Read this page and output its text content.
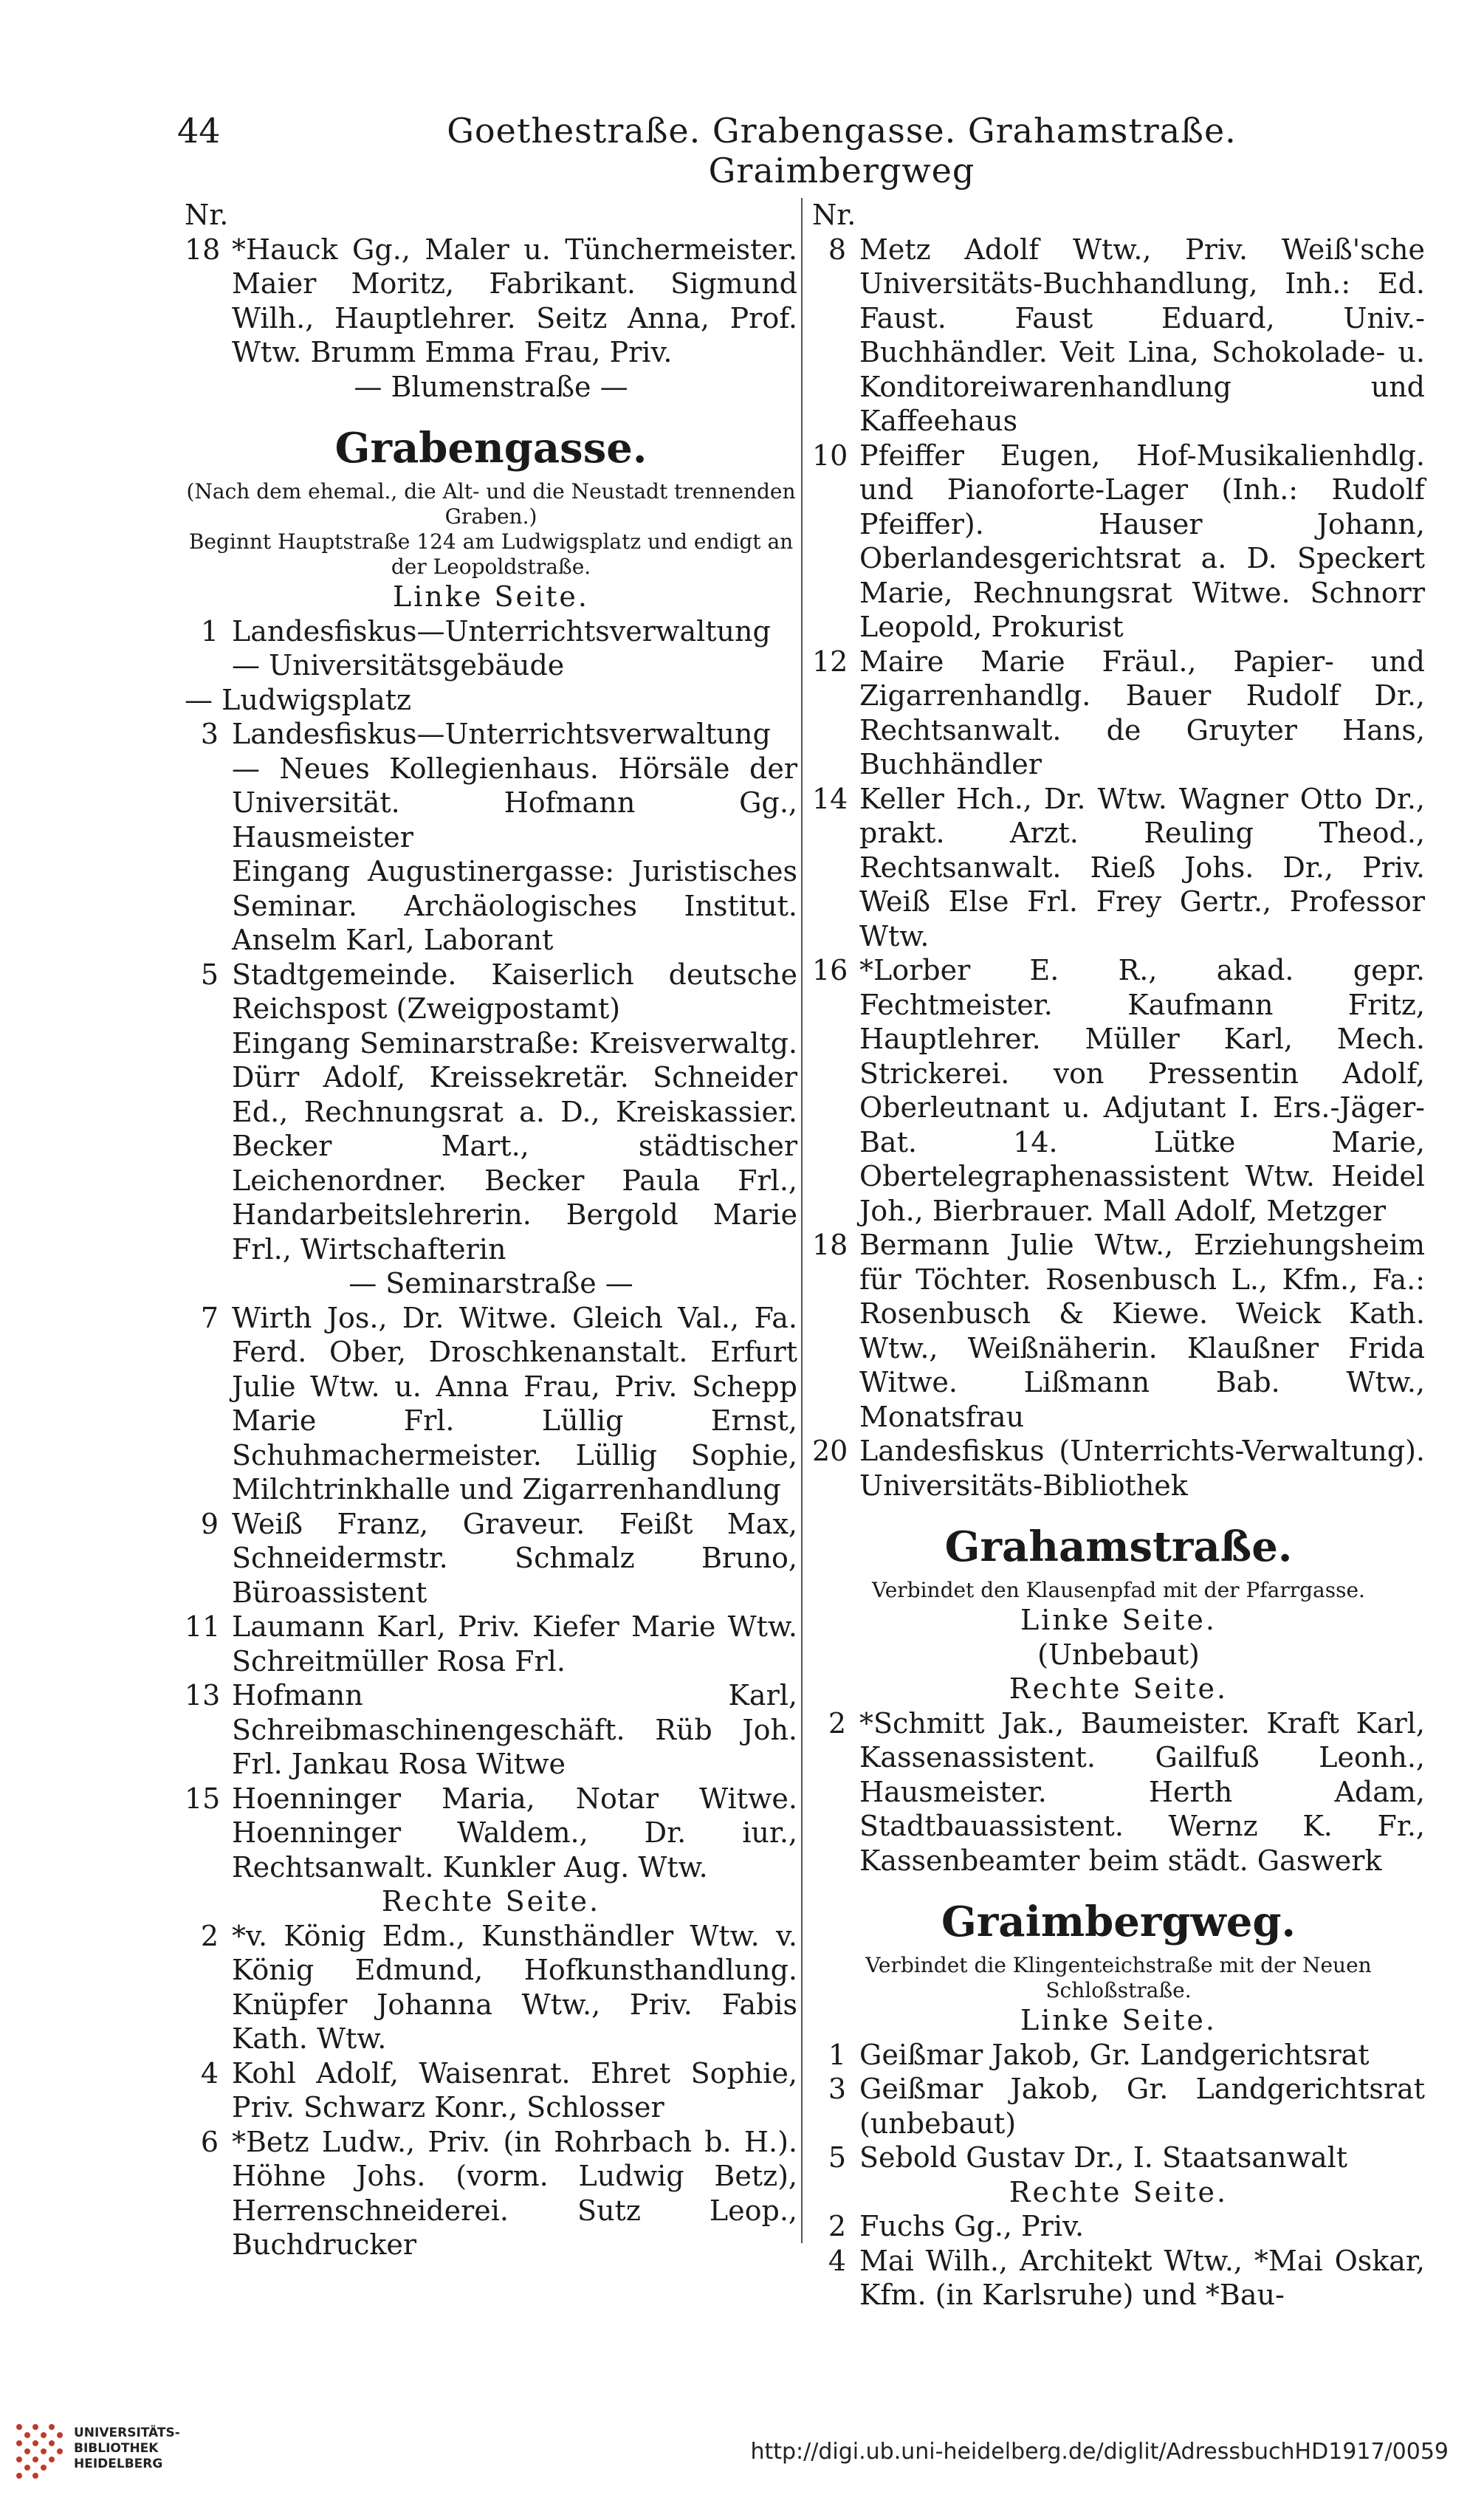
44	Goethestraße. Grabengasse. Grahamstraße. Graimbergweg
Nr.
18 *Hauck Gg., Maler u. Tünchermeister. Maier Moritz, Fabrikant. Sigmund Wilh., Hauptlehrer. Seitz Anna, Prof. Wtw. Brumm Emma Frau, Priv.
— Blumenstraße —
Grabengasse.
(Nach dem ehemal., die Alt- und die Neustadt trennenden Graben.)
Beginnt Hauptstraße 124 am Ludwigsplatz und endigt an der Leopoldstraße.
Linke Seite.
1 Landesfiskus—Unterrichtsverwaltung — Universitätsgebäude
— Ludwigsplatz
3 Landesfiskus—Unterrichtsverwaltung — Neues Kollegienhaus. Hörsäle der Universität. Hofmann Gg., Hausmeister
Eingang Augustinergasse: Juristisches Seminar. Archäologisches Institut. Anselm Karl, Laborant
5 Stadtgemeinde. Kaiserlich deutsche Reichspost (Zweigpostamt)
Eingang Seminarstraße: Kreisverwaltg. Dürr Adolf, Kreissekretär. Schneider Ed., Rechnungsrat a. D., Kreiskassier. Becker Mart., städtischer Leichenordner. Becker Paula Frl., Handarbeitslehrerin. Bergold Marie Frl., Wirtschafterin
— Seminarstraße —
7 Wirth Jos., Dr. Witwe. Gleich Val., Fa. Ferd. Ober, Droschkenanstalt. Erfurt Julie Wtw. u. Anna Frau, Priv. Schepp Marie Frl. Lüllig Ernst, Schuhmachermeister. Lüllig Sophie, Milchtrinkhalle und Zigarrenhandlung
9 Weiß Franz, Graveur. Feißt Max, Schneidermstr. Schmalz Bruno, Büroassistent
11 Laumann Karl, Priv. Kiefer Marie Wtw. Schreitmüller Rosa Frl.
13 Hofmann Karl, Schreibmaschinengeschäft. Rüb Joh. Frl. Jankau Rosa Witwe
15 Hoenninger Maria, Notar Witwe. Hoenninger Waldem., Dr. iur., Rechtsanwalt. Kunkler Aug. Wtw.
Rechte Seite.
2 *v. König Edm., Kunsthändler Wtw. v. König Edmund, Hofkunsthandlung. Knüpfer Johanna Wtw., Priv. Fabis Kath. Wtw.
4 Kohl Adolf, Waisenrat. Ehret Sophie, Priv. Schwarz Konr., Schlosser
6 *Betz Ludw., Priv. (in Rohrbach b. H.). Höhne Johs. (vorm. Ludwig Betz), Herrenschneiderei. Sutz Leop., Buchdrucker
Nr.
8 Metz Adolf Wtw., Priv. Weiß'sche Universitäts-Buchhandlung, Inh.: Ed. Faust. Faust Eduard, Univ.-Buchhändler. Veit Lina, Schokolade- u. Konditoreiwarenhandlung und Kaffeehaus
10 Pfeiffer Eugen, Hof-Musikalienhdlg. und Pianoforte-Lager (Inh.: Rudolf Pfeiffer). Hauser Johann, Oberlandesgerichtsrat a. D. Speckert Marie, Rechnungsrat Witwe. Schnorr Leopold, Prokurist
12 Maire Marie Fräul., Papier- und Zigarrenhandlg. Bauer Rudolf Dr., Rechtsanwalt. de Gruyter Hans, Buchhändler
14 Keller Hch., Dr. Wtw. Wagner Otto Dr., prakt. Arzt. Reuling Theod., Rechtsanwalt. Rieß Johs. Dr., Priv. Weiß Else Frl. Frey Gertr., Professor Wtw.
16 *Lorber E. R., akad. gepr. Fechtmeister. Kaufmann Fritz, Hauptlehrer. Müller Karl, Mech. Strickerei. von Pressentin Adolf, Oberleutnant u. Adjutant I. Ers.-Jäger-Bat. 14. Lütke Marie, Obertelegraphenassistent Wtw. Heidel Joh., Bierbrauer. Mall Adolf, Metzger
18 Bermann Julie Wtw., Erziehungsheim für Töchter. Rosenbusch L., Kfm., Fa.: Rosenbusch & Kiewe. Weick Kath. Wtw., Weißnäherin. Klaußner Frida Witwe. Lißmann Bab. Wtw., Monatsfrau
20 Landesfiskus (Unterrichts-Verwaltung). Universitäts-Bibliothek
Grahamstraße.
Verbindet den Klausenpfad mit der Pfarrgasse.
Linke Seite.
(Unbebaut)
Rechte Seite.
2 *Schmitt Jak., Baumeister. Kraft Karl, Kassenassistent. Gailfuß Leonh., Hausmeister. Herth Adam, Stadtbauassistent. Wernz K. Fr., Kassenbeamter beim städt. Gaswerk
Graimbergweg.
Verbindet die Klingenteichstraße mit der Neuen Schloßstraße.
Linke Seite.
1 Geißmar Jakob, Gr. Landgerichtsrat
3 Geißmar Jakob, Gr. Landgerichtsrat (unbebaut)
5 Sebold Gustav Dr., I. Staatsanwalt
Rechte Seite.
2 Fuchs Gg., Priv.
4 Mai Wilh., Architekt Wtw., *Mai Oskar, Kfm. (in Karlsruhe) und *Bau-
UNIVERSITÄTS-
BIBLIOTHEK
HEIDELBERG	http://digi.ub.uni-heidelberg.de/diglit/AdressbuchHD1917/0059
